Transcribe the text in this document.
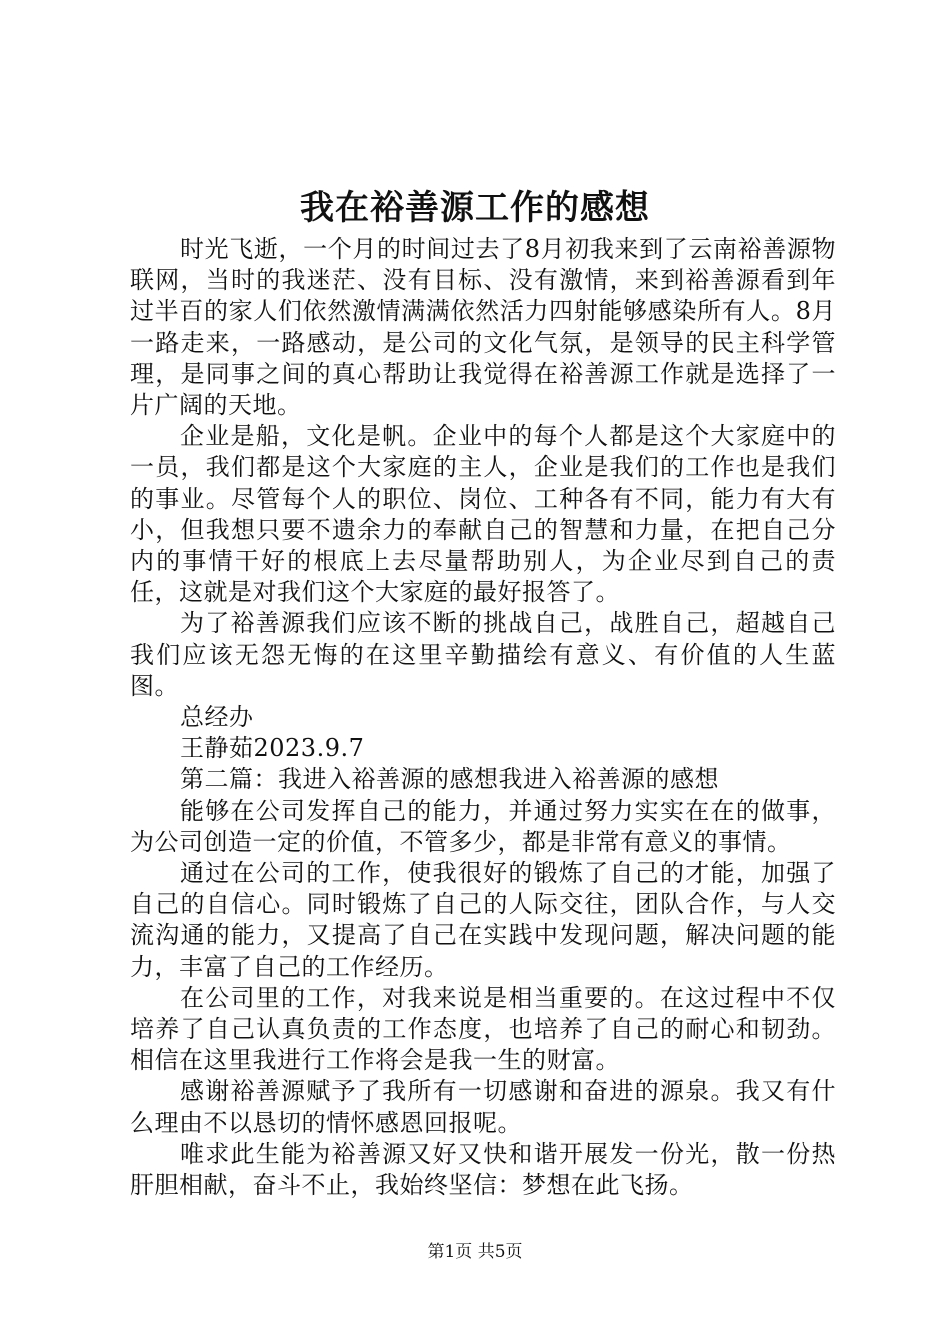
我在裕善源工作的感想

时光飞逝，一个月的时间过去了8月初我来到了云南裕善源物联网，当时的我迷茫、没有目标、没有激情，来到裕善源看到年过半百的家人们依然激情满满依然活力四射能够感染所有人。8月一路走来，一路感动，是公司的文化气氛，是领导的民主科学管理，是同事之间的真心帮助让我觉得在裕善源工作就是选择了一片广阔的天地。

企业是船，文化是帆。企业中的每个人都是这个大家庭中的一员，我们都是这个大家庭的主人，企业是我们的工作也是我们的事业。尽管每个人的职位、岗位、工种各有不同，能力有大有小，但我想只要不遗余力的奉献自己的智慧和力量，在把自己分内的事情干好的根底上去尽量帮助别人，为企业尽到自己的责任，这就是对我们这个大家庭的最好报答了。

为了裕善源我们应该不断的挑战自己，战胜自己，超越自己我们应该无怨无悔的在这里辛勤描绘有意义、有价值的人生蓝图。

总经办

王静茹2023.9.7

第二篇：我进入裕善源的感想我进入裕善源的感想

能够在公司发挥自己的能力，并通过努力实实在在的做事，为公司创造一定的价值，不管多少，都是非常有意义的事情。

通过在公司的工作，使我很好的锻炼了自己的才能，加强了自己的自信心。同时锻炼了自己的人际交往，团队合作，与人交流沟通的能力，又提高了自己在实践中发现问题，解决问题的能力，丰富了自己的工作经历。

在公司里的工作，对我来说是相当重要的。在这过程中不仅培养了自己认真负责的工作态度，也培养了自己的耐心和韧劲。相信在这里我进行工作将会是我一生的财富。

感谢裕善源赋予了我所有一切感谢和奋进的源泉。我又有什么理由不以恳切的情怀感恩回报呢。

唯求此生能为裕善源又好又快和谐开展发一份光，散一份热肝胆相献，奋斗不止，我始终坚信：梦想在此飞扬。

第1页 共5页
